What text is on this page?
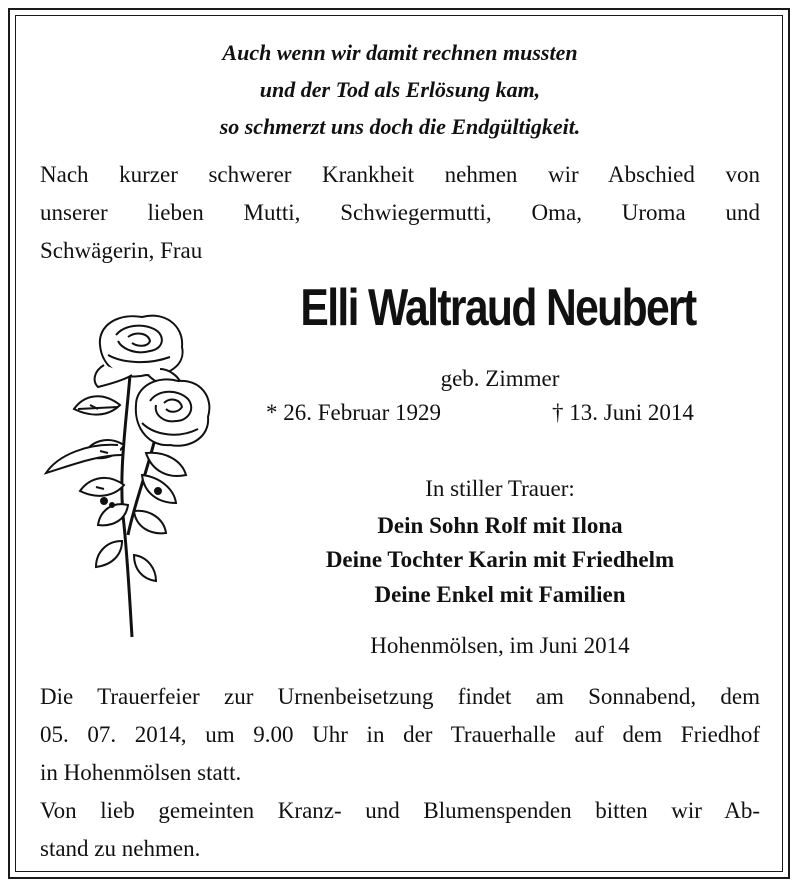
Auch wenn wir damit rechnen mussten
und der Tod als Erlösung kam,
so schmerzt uns doch die Endgültigkeit.
Nach kurzer schwerer Krankheit nehmen wir Abschied von
unserer lieben Mutti, Schwiegermutti, Oma, Uroma und
Schwägerin, Frau
Elli Waltraud Neubert
geb. Zimmer
* 26. Februar 1929	† 13. Juni 2014
In stiller Trauer:
Dein Sohn Rolf mit Ilona
Deine Tochter Karin mit Friedhelm
Deine Enkel mit Familien
Hohenmölsen, im Juni 2014
Die Trauerfeier zur Urnenbeisetzung findet am Sonnabend, dem
05. 07. 2014, um 9.00 Uhr in der Trauerhalle auf dem Friedhof
in Hohenmölsen statt.
Von lieb gemeinten Kranz- und Blumenspenden bitten wir Ab-
stand zu nehmen.
